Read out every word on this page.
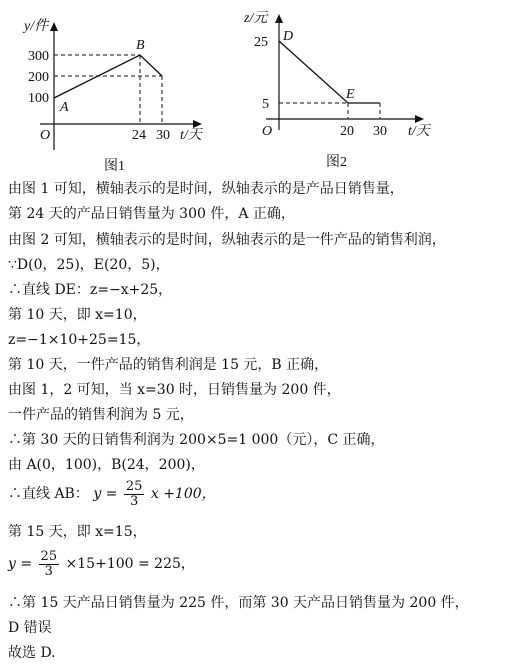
y/件
t/天
O
300
200
100
24 30
A
B
图1
z/元
t/天
O
25
5
20 30
D
E
图2
由图 1 可知，横轴表示的是时间，纵轴表示的是产品日销售量，
第 24 天的产品日销售量为 300 件，A 正确，
由图 2 可知，横轴表示的是时间，纵轴表示的是一件产品的销售利润，
∵D(0，25)，E(20，5)，
∴直线 DE：z=−x+25，
第 10 天，即 x=10，
z=−1×10+25=15，
第 10 天，一件产品的销售利润是 15 元，B 正确，
由图 1，2 可知，当 x=30 时，日销售量为 200 件，
一件产品的销售利润为 5 元，
∴第 30 天的日销售利润为 200×5=1 000（元），C 正确，
由 A(0，100)，B(24，200)，
∴直线 AB： $y = \frac{25}{3}$ x +100，
第 15 天，即 x=15，
$y = \frac{25}{3} \times 15+100 = 225$，
∴第 15 天产品日销售量为 225 件，而第 30 天产品日销售量为 200 件，
D 错误
故选 D.
